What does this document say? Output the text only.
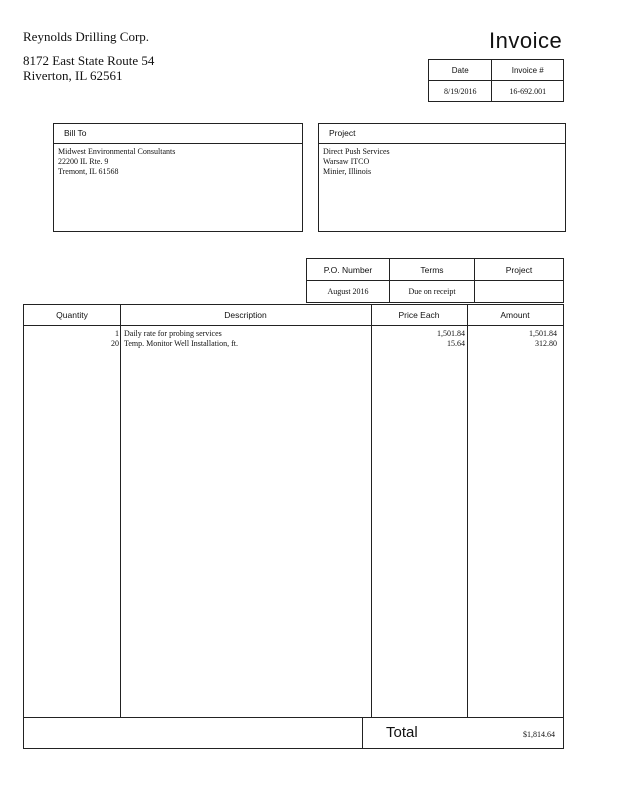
Reynolds Drilling Corp.
8172 East State Route 54
Riverton, IL 62561
Invoice
Date	Invoice #
8/19/2016	16-692.001
Bill To
Midwest Environmental Consultants
22200 IL Rte. 9
Tremont, IL 61568
Project
Direct Push Services
Warsaw ITCO
Minier, Illinois
P.O. Number	Terms	Project
August 2016	Due on receipt	
Quantity	Description	Price Each	Amount
1 Daily rate for probing services	1,501.84	1,501.84
20 Temp. Monitor Well Installation, ft.	15.64	312.80
Total	$1,814.64
